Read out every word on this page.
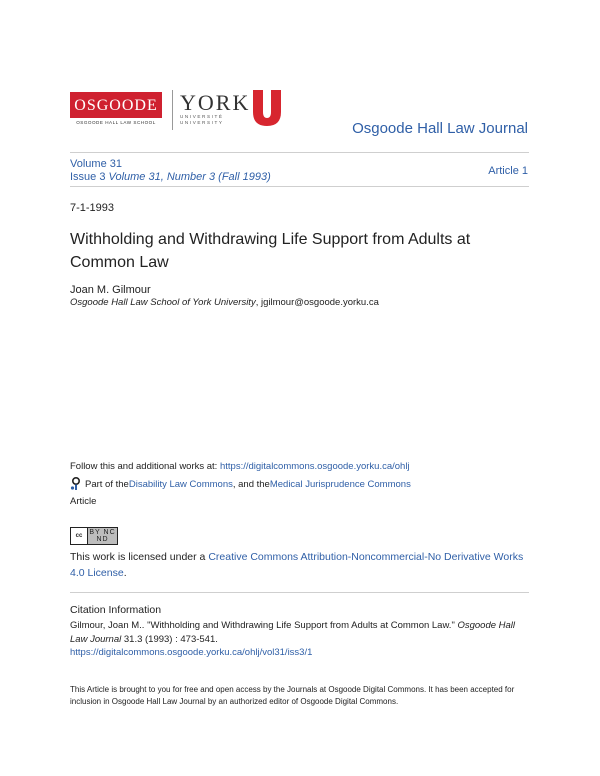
OSGOODE
OSGOODE HALL LAW SCHOOL
YORK
UNIVERSITÉ
UNIVERSITY	Osgoode Hall Law Journal
Volume 31
Issue 3 Volume 31, Number 3 (Fall 1993)	Article 1
7-1-1993
Withholding and Withdrawing Life Support from Adults at Common Law
Joan M. Gilmour
Osgoode Hall Law School of York University, jgilmour@osgoode.yorku.ca
Follow this and additional works at: https://digitalcommons.osgoode.yorku.ca/ohlj
Part of the Disability Law Commons , and the Medical Jurisprudence Commons
Article
cc	BY NC ND
This work is licensed under a Creative Commons Attribution-Noncommercial-No Derivative Works 4.0 License.
Citation Information
Gilmour, Joan M.. "Withholding and Withdrawing Life Support from Adults at Common Law." Osgoode Hall Law Journal 31.3 (1993) : 473-541.
https://digitalcommons.osgoode.yorku.ca/ohlj/vol31/iss3/1
This Article is brought to you for free and open access by the Journals at Osgoode Digital Commons. It has been accepted for inclusion in Osgoode Hall Law Journal by an authorized editor of Osgoode Digital Commons.
